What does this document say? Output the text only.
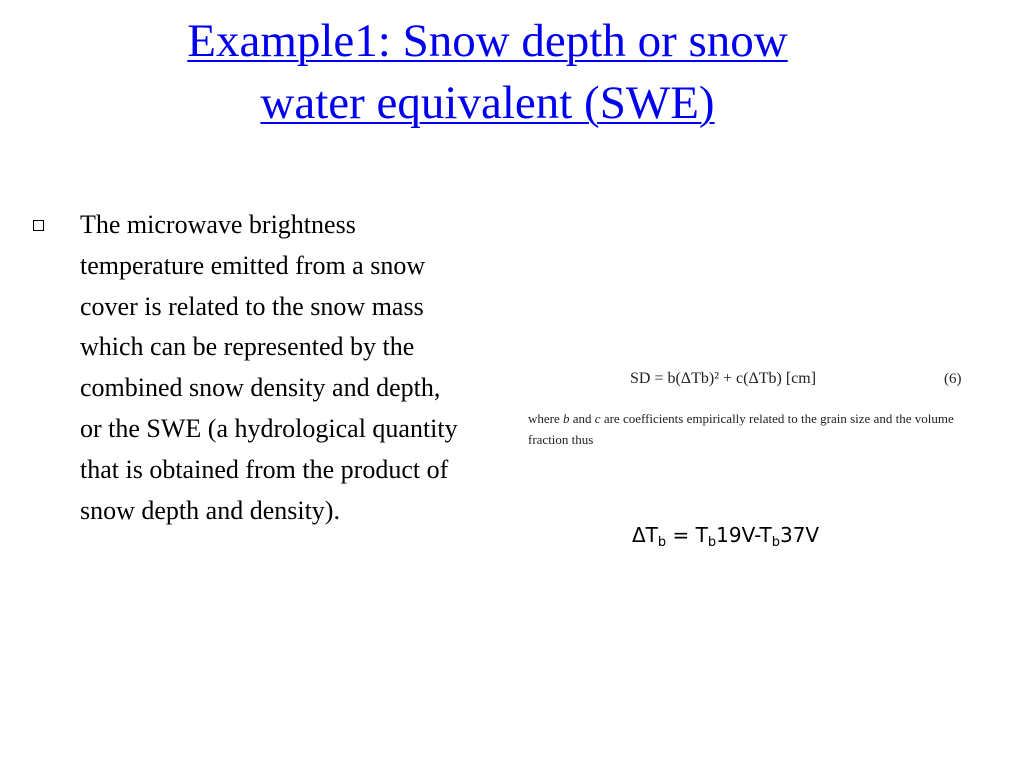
Example1: Snow depth or snow
water equivalent (SWE)
The microwave brightness temperature emitted from a snow cover is related to the snow mass which can be represented by the combined snow density and depth, or the SWE (a hydrological quantity that is obtained from the product of snow depth and density).
SD = b(ΔTb)² + c(ΔTb) [cm]	(6)
where b and c are coefficients empirically related to the grain size and the volume fraction thus
$\Delta T_b = T_b19V-T_b37V$
